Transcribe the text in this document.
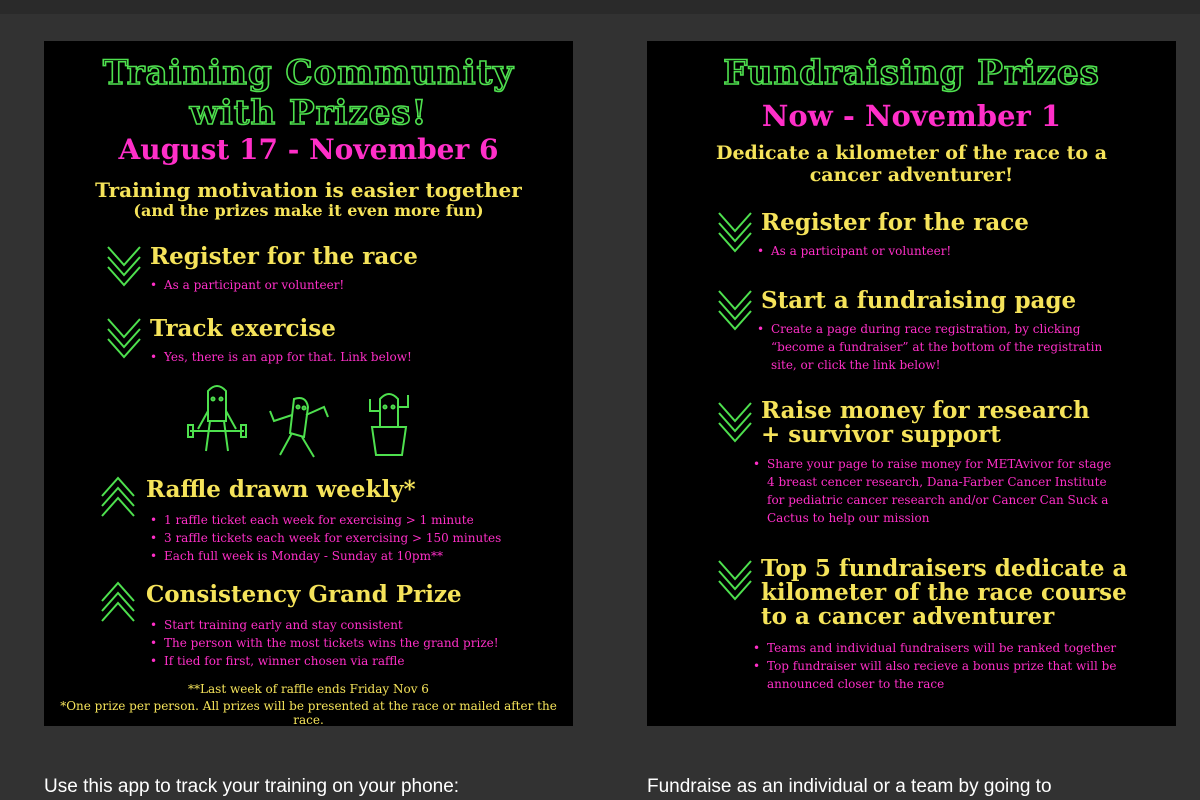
Training Community

with Prizes!

August 17 - November 6

Training motivation is easier together
(and the prizes make it even more fun)
Register for the race
• As a participant or volunteer!
Track exercise
• Yes, there is an app for that. Link below!
Raffle drawn weekly*
• 1 raffle ticket each week for exercising > 1 minute
• 3 raffle tickets each week for exercising > 150 minutes
• Each full week is Monday - Sunday at 10pm**
Consistency Grand Prize
• Start training early and stay consistent
• The person with the most tickets wins the grand prize!
• If tied for first, winner chosen via raffle
**Last week of raffle ends Friday Nov 6
*One prize per person. All prizes will be presented at the race or mailed after the race.

Fundraising Prizes

Now - November 1

Dedicate a kilometer of the race to a
cancer adventurer!
Register for the race
• As a participant or volunteer!
Start a fundraising page
• Create a page during race registration, by clicking “become a fundraiser” at the bottom of the registratin site, or click the link below!
Raise money for research + survivor support
• Share your page to raise money for METAvivor for stage 4 breast cencer research, Dana-Farber Cancer Institute for pediatric cancer research and/or Cancer Can Suck a Cactus to help our mission
Top 5 fundraisers dedicate a kilometer of the race course to a cancer adventurer
• Teams and individual fundraisers will be ranked together
• Top fundraiser will also recieve a bonus prize that will be announced closer to the race
Use this app to track your training on your phone:	Fundraise as an individual or a team by going to
